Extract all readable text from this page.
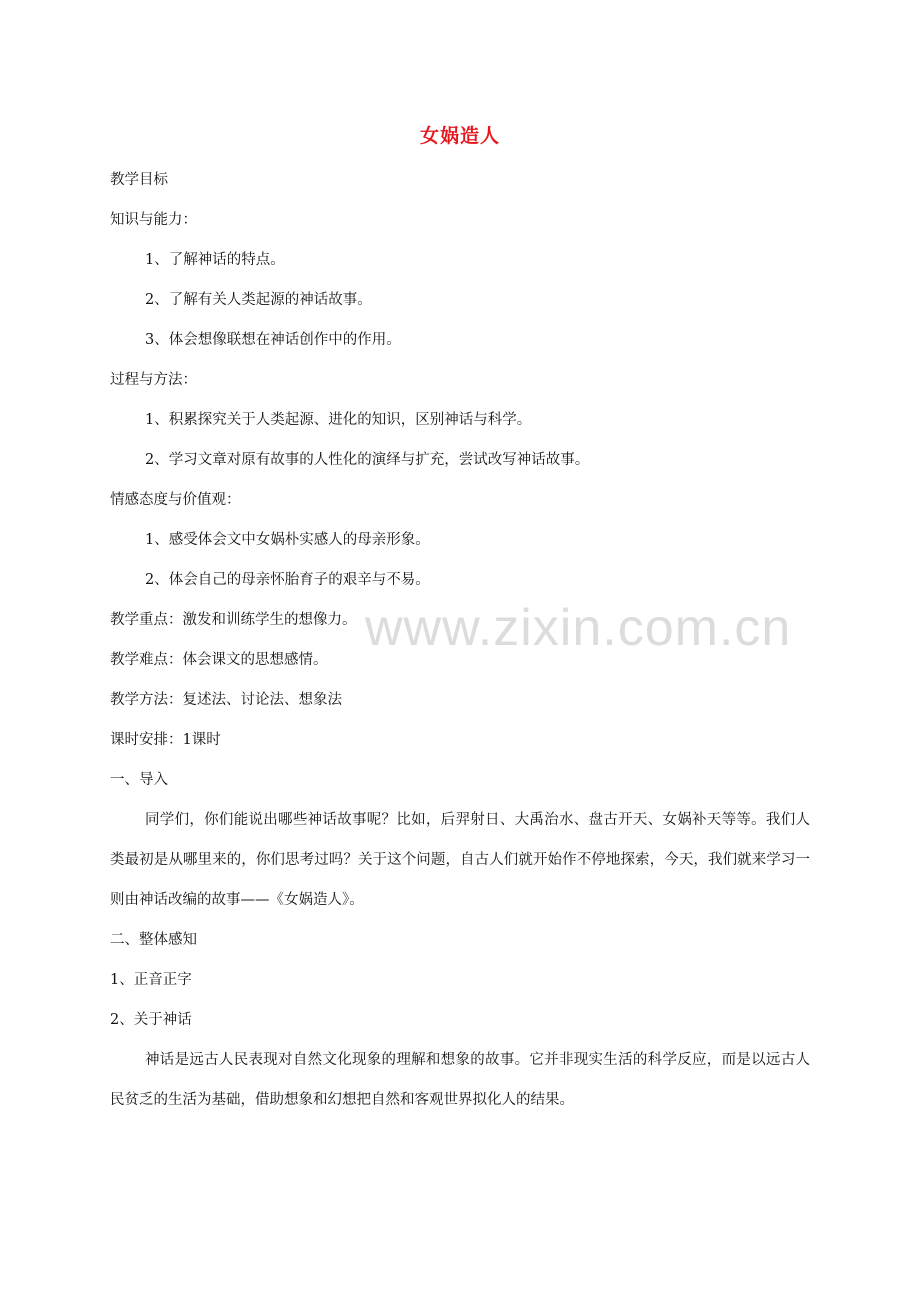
女娲造人
www.zixin.com.cn
教学目标
知识与能力：
1、了解神话的特点。
2、了解有关人类起源的神话故事。
3、体会想像联想在神话创作中的作用。
过程与方法：
1、积累探究关于人类起源、进化的知识，区别神话与科学。
2、学习文章对原有故事的人性化的演绎与扩充，尝试改写神话故事。
情感态度与价值观：
1、感受体会文中女娲朴实感人的母亲形象。
2、体会自己的母亲怀胎育子的艰辛与不易。
教学重点：激发和训练学生的想像力。
教学难点：体会课文的思想感情。
教学方法：复述法、讨论法、想象法
课时安排：1课时
一、导入
同学们，你们能说出哪些神话故事呢？比如，后羿射日、大禹治水、盘古开天、女娲补天等等。我们人类最初是从哪里来的，你们思考过吗？关于这个问题，自古人们就开始作不停地探索，今天，我们就来学习一则由神话改编的故事——《女娲造人》。
二、整体感知
1、正音正字
2、关于神话
神话是远古人民表现对自然文化现象的理解和想象的故事。它并非现实生活的科学反应，而是以远古人民贫乏的生活为基础，借助想象和幻想把自然和客观世界拟化人的结果。
